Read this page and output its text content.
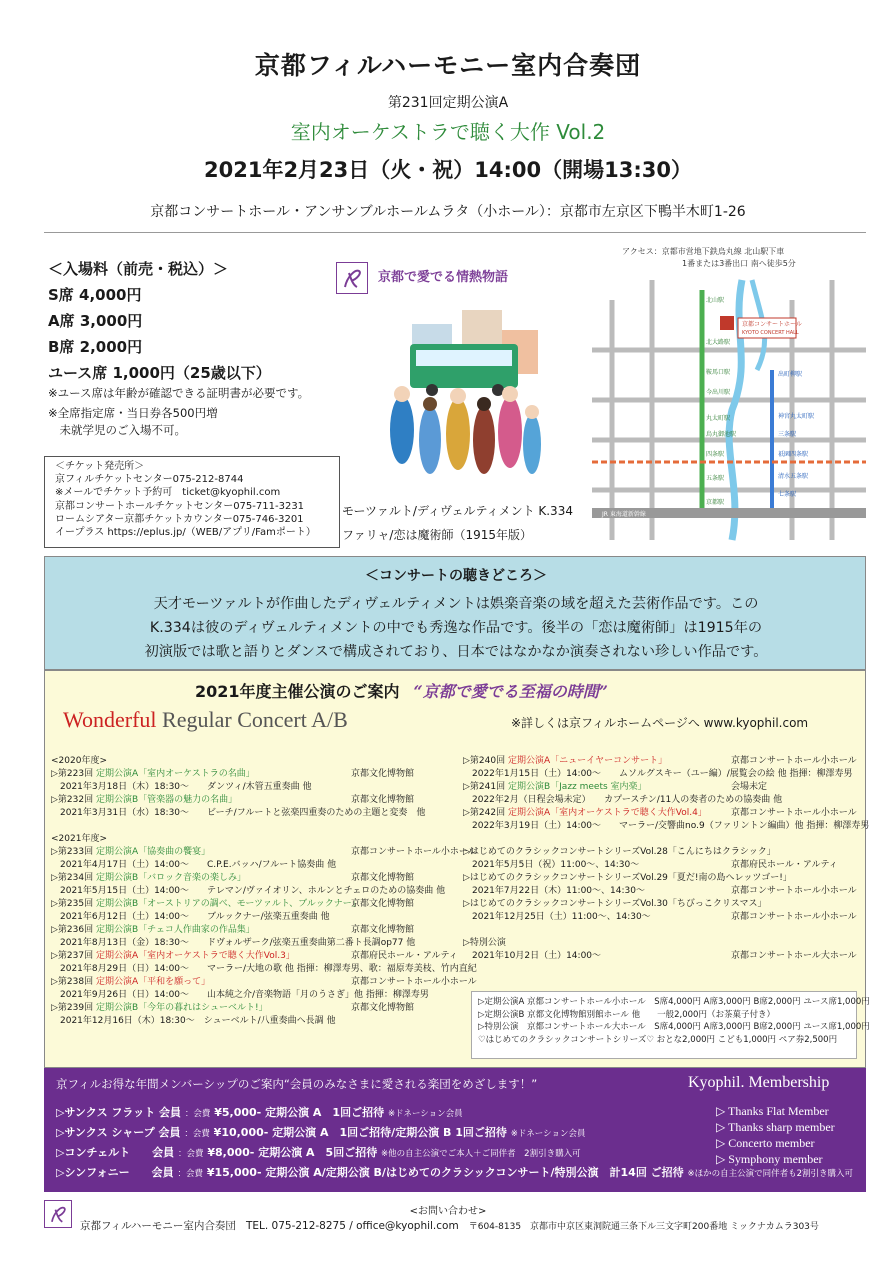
京都フィルハーモニー室内合奏団
第231回定期公演A
室内オーケストラで聴く大作 Vol.2
2021年2月23日（火・祝）14:00（開場13:30）
京都コンサートホール・アンサンブルホールムラタ（小ホール）：京都市左京区下鴨半木町1-26
＜入場料（前売・税込）＞
S席 4,000円
A席 3,000円
B席 2,000円
ユース席 1,000円（25歳以下）
※ユース席は年齢が確認できる証明書が必要です。
※全席指定席・当日券各500円増
　未就学児のご入場不可。
＜チケット発売所＞
京フィルチケットセンター075-212-8744
※メールでチケット予約可　ticket@kyophil.com
京都コンサートホールチケットセンター075-711-3231
ロームシアター京都チケットカウンター075-746-3201
イープラス https://eplus.jp/（WEB/アプリ/Famポート）
京都で愛でる情熱物語
モーツァルト/ディヴェルティメント K.334
ファリャ/恋は魔術師（1915年版）
アクセス：京都市営地下鉄烏丸線 北山駅下車
1番または3番出口 南へ徒歩5分
JR 東海道新幹線
京都コンサートホール
KYOTO CONCERT HALL
北山駅
北大路駅
鞍馬口駅
今出川駅
丸太町駅
烏丸御池駅
四条駅
五条駅
京都駅
出町柳駅
神宮丸太町駅
三条駅
祇園四条駅
清水五条駅
七条駅
＜コンサートの聴きどころ＞
天才モーツァルトが作曲したディヴェルティメントは娯楽音楽の域を超えた芸術作品です。この
K.334は彼のディヴェルティメントの中でも秀逸な作品です。後半の「恋は魔術師」は1915年の
初演版では歌と語りとダンスで構成されており、日本ではなかなか演奏されない珍しい作品です。
2021年度主催公演のご案内 “京都で愛でる至福の時間”
Wonderful Regular Concert A/B	※詳しくは京フィルホームページへ www.kyophil.com
<2020年度>
▷第223回 定期公演A「室内オーケストラの名曲」	京都文化博物館
　2021年3月18日（木）18:30～　　ダンツィ/木管五重奏曲 他
▷第232回 定期公演B「管楽器の魅力の名曲」	京都文化博物館
　2021年3月31日（水）18:30～　　ビーチ/フルートと弦楽四重奏のための主題と変奏　他

<2021年度>
▷第233回 定期公演A「協奏曲の饗宴」	京都コンサートホール小ホール
　2021年4月17日（土）14:00～　　C.P.E.バッハ/フルート協奏曲 他
▷第234回 定期公演B「バロック音楽の楽しみ」	京都文化博物館
　2021年5月15日（土）14:00～　　テレマン/ヴァイオリン、ホルンとチェロのための協奏曲 他
▷第235回 定期公演B「オーストリアの調べ、モーツァルト、ブルックナー」
京都文化博物館
　2021年6月12日（土）14:00～　　ブルックナー/弦楽五重奏曲 他
▷第236回 定期公演B「チェコ人作曲家の作品集」	京都文化博物館
　2021年8月13日（金）18:30～　　ドヴォルザーク/弦楽五重奏曲第二番ト長調op77 他
▷第237回 定期公演A「室内オーケストラで聴く大作Vol.3」	京都府民ホール・アルティ
　2021年8月29日（日）14:00～　　マーラー/大地の歌 他 指揮：柳澤寿男、歌：福原寿美枝、竹内直紀
▷第238回 定期公演A「平和を願って」	京都コンサートホール小ホール
　2021年9月26日（日）14:00～　　山本純之介/音楽物語「月のうさぎ」他 指揮：柳澤寿男
▷第239回 定期公演B「今年の暮れはシューベルト!」	京都文化博物館
　2021年12月16日（木）18:30～　シューベルト/八重奏曲ヘ長調 他
▷第240回 定期公演A「ニューイヤーコンサート」	京都コンサートホール小ホール
　2022年1月15日（土）14:00～　　ムソルグスキー（ユー編）/展覧会の絵 他 指揮：柳澤寿男
▷第241回 定期公演B「Jazz meets 室内楽」	会場未定
　2022年2月（日程会場未定）　　カプースチン/11人の奏者のための協奏曲 他
▷第242回 定期公演A「室内オーケストラで聴く大作Vol.4」	京都コンサートホール小ホール
　2022年3月19日（土）14:00～　　マーラー/交響曲no.9（ファリントン編曲）他 指揮：柳澤寿男

▷はじめてのクラシックコンサートシリーズVol.28「こんにちはクラシック」
　2021年5月5日（祝）11:00～、14:30～	京都府民ホール・アルティ
▷はじめてのクラシックコンサートシリーズVol.29「夏だ!南の島へレッツゴー!」
　2021年7月22日（木）11:00～、14:30～	京都コンサートホール小ホール
▷はじめてのクラシックコンサートシリーズVol.30「ちびっこクリスマス」
　2021年12月25日（土）11:00～、14:30～	京都コンサートホール小ホール

▷特別公演
　2021年10月2日（土）14:00～	京都コンサートホール大ホール
▷定期公演A 京都コンサートホール小ホール　S席4,000円 A席3,000円 B席2,000円 ユース席1,000円
▷定期公演B 京都文化博物館別館ホール 他　　一般2,000円（お茶菓子付き）
▷特別公演　京都コンサートホール大ホール　S席4,000円 A席3,000円 B席2,000円 ユース席1,000円
♡はじめてのクラシックコンサートシリーズ♡ おとな2,000円 こども1,000円 ペア券2,500円
京フィルお得な年間メンバーシップのご案内“会員のみなさまに愛される楽団をめざします！”	Kyophil. Membership
▷サンクス フラット 会員 ：会費 ¥5,000- 定期公演 A　1回ご招待 ※ドネーション会員
▷サンクス シャープ 会員 ：会費 ¥10,000- 定期公演 A　1回ご招待/定期公演 B 1回ご招待 ※ドネーション会員
▷コンチェルト　　会員 ：会費 ¥8,000- 定期公演 A　5回ご招待 ※他の自主公演でご本人＋ご同伴者　2割引き購入可
▷シンフォニー　　会員 ：会費 ¥15,000- 定期公演 A/定期公演 B/はじめてのクラシックコンサート/特別公演　計14回 ご招待 ※ほかの自主公演で同伴者も2割引き購入可
▷ Thanks Flat Member
▷ Thanks sharp member
▷ Concerto member
▷ Symphony member
<お問い合わせ>
京都フィルハーモニー室内合奏団 TEL. 075-212-8275 / office@kyophil.com 〒604-8135　京都市中京区東洞院通三条下ル三文字町200番地 ミックナカムラ303号
